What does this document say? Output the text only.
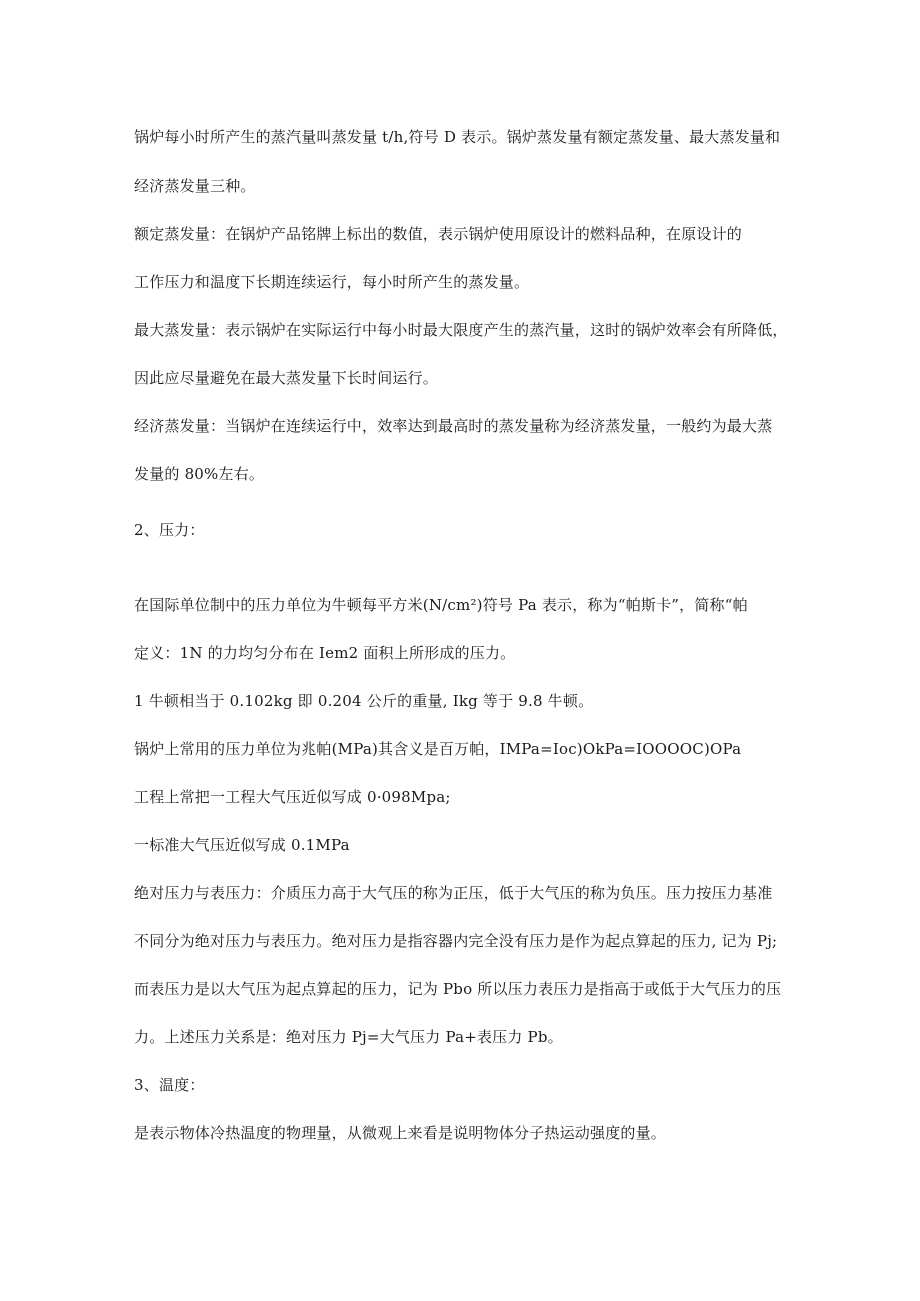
锅炉每小时所产生的蒸汽量叫蒸发量 t/h,符号 D 表示。锅炉蒸发量有额定蒸发量、最大蒸发量和
经济蒸发量三种。
额定蒸发量：在锅炉产品铭牌上标出的数值，表示锅炉使用原设计的燃料品种，在原设计的
工作压力和温度下长期连续运行，每小时所产生的蒸发量。
最大蒸发量：表示锅炉在实际运行中每小时最大限度产生的蒸汽量，这时的锅炉效率会有所降低，
因此应尽量避免在最大蒸发量下长时间运行。
经济蒸发量：当锅炉在连续运行中，效率达到最高时的蒸发量称为经济蒸发量，一般约为最大蒸
发量的 80%左右。
2、压力：
在国际单位制中的压力单位为牛顿每平方米(N/cm²)符号 Pa 表示，称为“帕斯卡”，简称“帕
定义：1N 的力均匀分布在 Iem2 面积上所形成的压力。
1 牛顿相当于 0.102kg 即 0.204 公斤的重量, Ikg 等于 9.8 牛顿。
锅炉上常用的压力单位为兆帕(MPa)其含义是百万帕，IMPa=Ioc)OkPa=IOOOOC)OPa
工程上常把一工程大气压近似写成 0·098Mpa;
一标准大气压近似写成 0.1MPa
绝对压力与表压力：介质压力高于大气压的称为正压，低于大气压的称为负压。压力按压力基准
不同分为绝对压力与表压力。绝对压力是指容器内完全没有压力是作为起点算起的压力, 记为 Pj;
而表压力是以大气压为起点算起的压力，记为 Pbo 所以压力表压力是指高于或低于大气压力的压
力。上述压力关系是：绝对压力 Pj=大气压力 Pa+表压力 Pb。
3、温度：
是表示物体冷热温度的物理量，从微观上来看是说明物体分子热运动强度的量。
